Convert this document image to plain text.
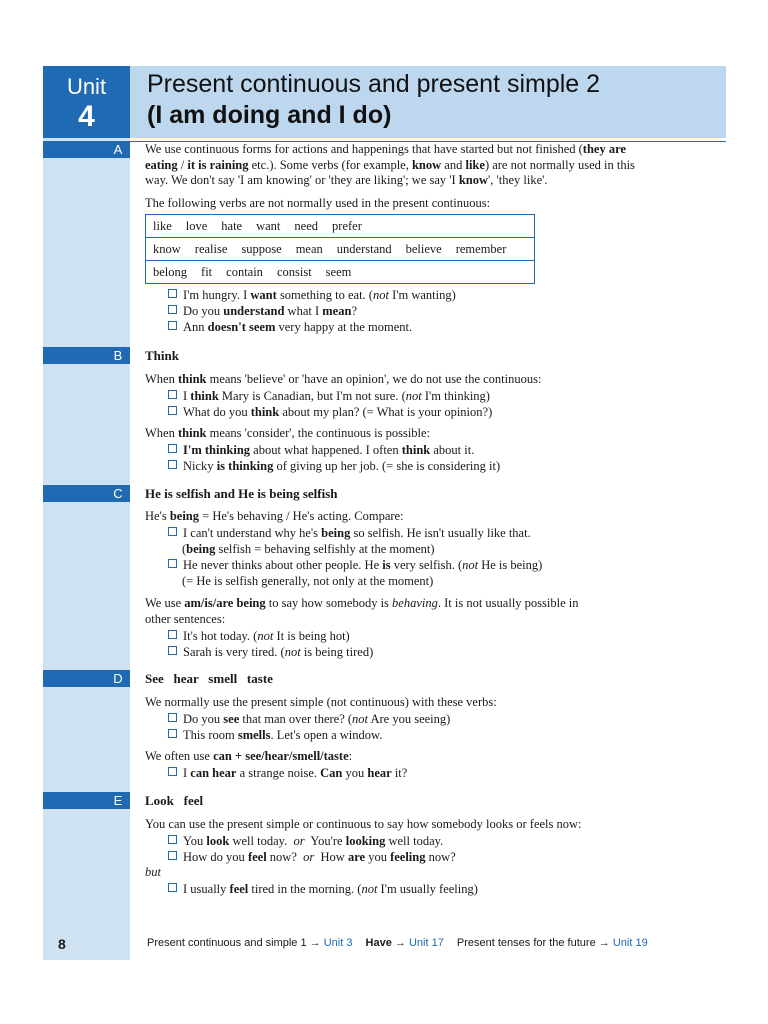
Unit
4
Present continuous and present simple 2
(I am doing and I do)
A	We use continuous forms for actions and happenings that have started but not finished (they are
eating / it is raining etc.). Some verbs (for example, know and like) are not normally used in this
way. We don't say 'I am knowing' or 'they are liking'; we say 'I know', 'they like'.
The following verbs are not normally used in the present continuous:
like love hate want need prefer
know realise suppose mean understand believe remember
belong fit contain consist seem
I'm hungry. I want something to eat. (not I'm wanting)
Do you understand what I mean?
Ann doesn't seem very happy at the moment.
B	Think
When think means 'believe' or 'have an opinion', we do not use the continuous:
I think Mary is Canadian, but I'm not sure. (not I'm thinking)
What do you think about my plan? (= What is your opinion?)
When think means 'consider', the continuous is possible:
I'm thinking about what happened. I often think about it.
Nicky is thinking of giving up her job. (= she is considering it)
C	He is selfish and He is being selfish
He's being = He's behaving / He's acting. Compare:
I can't understand why he's being so selfish. He isn't usually like that.
(being selfish = behaving selfishly at the moment)
He never thinks about other people. He is very selfish. (not He is being)
(= He is selfish generally, not only at the moment)
We use am/is/are being to say how somebody is behaving. It is not usually possible in
other sentences:
It's hot today. (not It is being hot)
Sarah is very tired. (not is being tired)
D	See   hear   smell   taste
We normally use the present simple (not continuous) with these verbs:
Do you see that man over there? (not Are you seeing)
This room smells. Let's open a window.
We often use can + see/hear/smell/taste:
I can hear a strange noise. Can you hear it?
E	Look   feel
You can use the present simple or continuous to say how somebody looks or feels now:
You look well today.  or  You're looking well today.
How do you feel now?  or  How are you feeling now?
but
I usually feel tired in the morning. (not I'm usually feeling)
8	Present continuous and simple 1 → Unit 3 Have → Unit 17 Present tenses for the future → Unit 19
